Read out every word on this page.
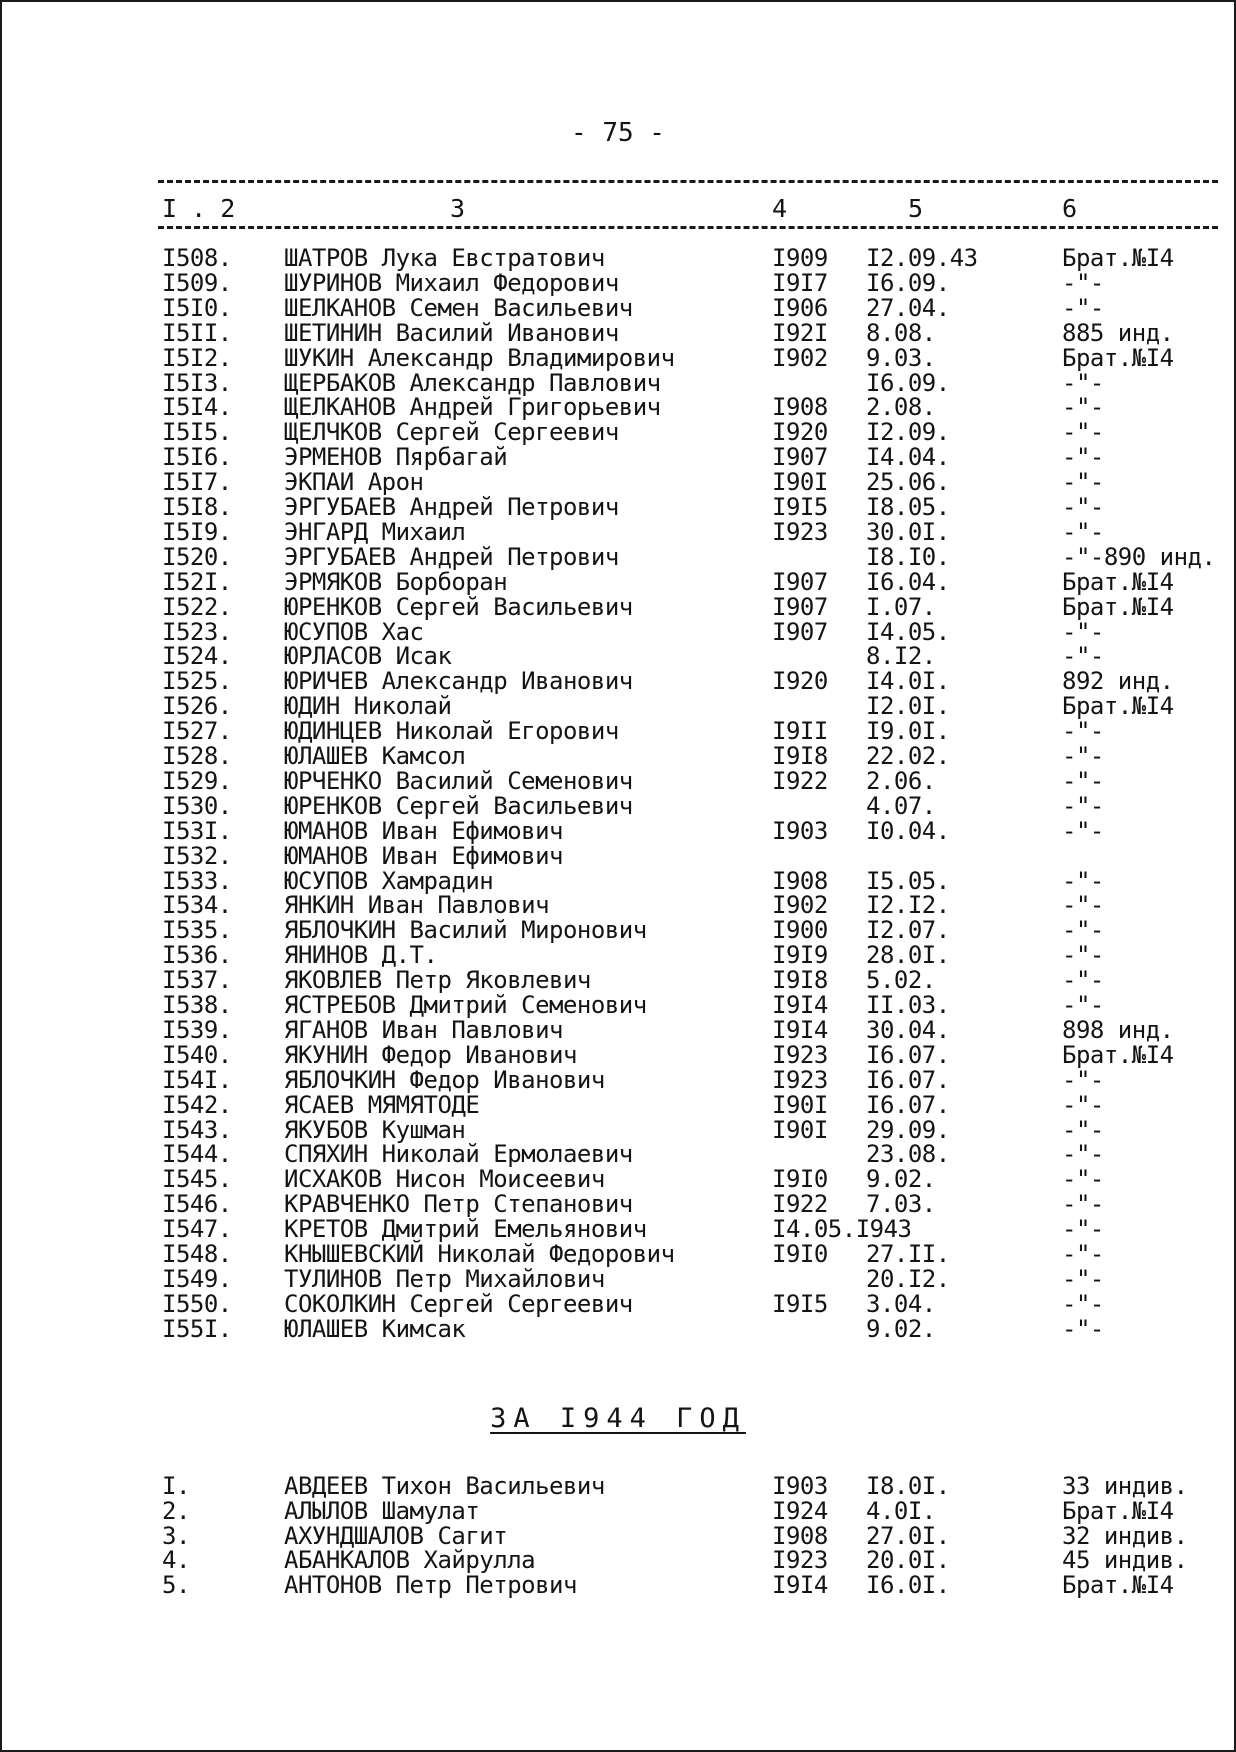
- 75 -
I . 2	3	4	5	6
I508. ШАТРОВ Лука Евстратович	I909 I2.09.43	Брат.№I4
I509. ШУРИНОВ Михаил Федорович	I9I7 I6.09.	-"-
I5I0. ШЕЛКАНОВ Семен Васильевич	I906 27.04.	-"-
I5II. ШЕТИНИН Василий Иванович	I92I 8.08.	885 инд.
I5I2. ШУКИН Александр Владимирович	I902 9.03.	Брат.№I4
I5I3. ЩЕРБАКОВ Александр Павлович	I6.09.	-"-
I5I4. ЩЕЛКАНОВ Андрей Григорьевич	I908 2.08.	-"-
I5I5. ЩЕЛЧКОВ Сергей Сергеевич	I920 I2.09.	-"-
I5I6. ЭРМЕНОВ Пярбагай	I907 I4.04.	-"-
I5I7. ЭКПАИ Арон	I90I 25.06.	-"-
I5I8. ЭРГУБАЕВ Андрей Петрович	I9I5 I8.05.	-"-
I5I9. ЭНГАРД Михаил	I923 30.0I.	-"-
I520. ЭРГУБАЕВ Андрей Петрович	I8.I0.	-"-890 инд.
I52I. ЭРМЯКОВ Борбоpан	I907 I6.04.	Брат.№I4
I522. ЮРЕНКОВ Сергей Васильевич	I907 I.07.	Брат.№I4
I523. ЮСУПОВ Хас	I907 I4.05.	-"-
I524. ЮРЛАСОВ Исак	8.I2.	-"-
I525. ЮРИЧЕВ Александр Иванович	I920 I4.0I.	892 инд.
I526. ЮДИН Николай	I2.0I.	Брат.№I4
I527. ЮДИНЦЕВ Николай Егорович	I9II I9.0I.	-"-
I528. ЮЛАШЕВ Камсол	I9I8 22.02.	-"-
I529. ЮРЧЕНКО Василий Семенович	I922 2.06.	-"-
I530. ЮРЕНКОВ Сергей Васильевич	4.07.	-"-
I53I. ЮМАНОВ Иван Ефимович	I903 I0.04.	-"-
I532. ЮМАНОВ Иван Ефимович
I533. ЮСУПОВ Хамрадин	I908 I5.05.	-"-
I534. ЯНКИН Иван Павлович	I902 I2.I2.	-"-
I535. ЯБЛОЧКИН Василий Миронович	I900 I2.07.	-"-
I536. ЯНИНОВ Д.Т.	I9I9 28.0I.	-"-
I537. ЯКОВЛЕВ Петр Яковлевич	I9I8 5.02.	-"-
I538. ЯСТРЕБОВ Дмитрий Семенович	I9I4 II.03.	-"-
I539. ЯГАНОВ Иван Павлович	I9I4 30.04.	898 инд.
I540. ЯКУНИН Федор Иванович	I923 I6.07.	Брат.№I4
I54I. ЯБЛОЧКИН Федор Иванович	I923 I6.07.	-"-
I542. ЯСАЕВ МЯМЯТОДЕ	I90I I6.07.	-"-
I543. ЯКУБОВ Кушман	I90I 29.09.	-"-
I544. СПЯХИН Николай Ермолаевич	23.08.	-"-
I545. ИСХАКОВ Нисон Моисеевич	I9I0 9.02.	-"-
I546. КРАВЧЕНКО Петр Степанович	I922 7.03.	-"-
I547. КРЕТОВ Дмитрий Емельянович	I4.05.I943	-"-
I548. КНЫШЕВСКИЙ Николай Федорович	I9I0 27.II.	-"-
I549. ТУЛИНОВ Петр Михайлович	20.I2.	-"-
I550. СОКОЛКИН Сергей Сергеевич	I9I5 3.04.	-"-
I55I. ЮЛАШЕВ Кимсак	9.02.	-"-
ЗА I944 ГОД
I.	АВДЕЕВ Тихон Васильевич	I903 I8.0I.	33 индив.
2.	АЛЫЛОВ Шамулат	I924 4.0I.	Брат.№I4
3.	АХУНДШАЛОВ Сагит	I908 27.0I.	32 индив.
4.	АБАНКАЛОВ Хайрулла	I923 20.0I.	45 индив.
5.	АНТОНОВ Петр Петрович	I9I4 I6.0I.	Брат.№I4
